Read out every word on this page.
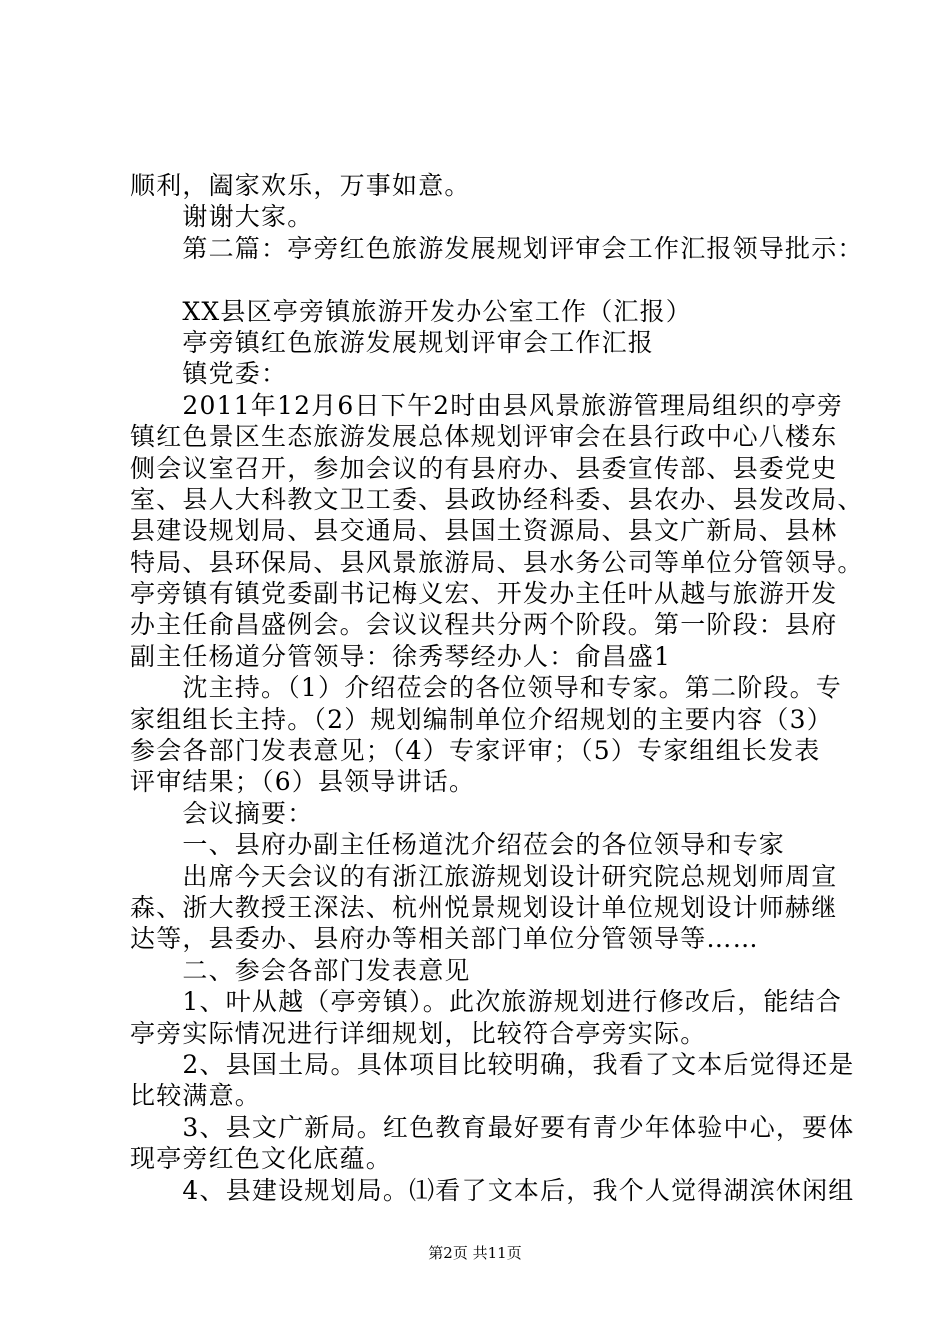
顺利，阖家欢乐，万事如意。
　　谢谢大家。
　　第二篇：亭旁红色旅游发展规划评审会工作汇报领导批示：
　　XX县区亭旁镇旅游开发办公室工作（汇报）
　　亭旁镇红色旅游发展规划评审会工作汇报
　　镇党委：
　　2011年12月6日下午2时由县风景旅游管理局组织的亭旁
镇红色景区生态旅游发展总体规划评审会在县行政中心八楼东
侧会议室召开，参加会议的有县府办、县委宣传部、县委党史
室、县人大科教文卫工委、县政协经科委、县农办、县发改局、
县建设规划局、县交通局、县国土资源局、县文广新局、县林
特局、县环保局、县风景旅游局、县水务公司等单位分管领导。
亭旁镇有镇党委副书记梅义宏、开发办主任叶从越与旅游开发
办主任俞昌盛例会。会议议程共分两个阶段。第一阶段：县府
副主任杨道分管领导：徐秀琴经办人：俞昌盛1
　　沈主持。（1）介绍莅会的各位领导和专家。第二阶段。专
家组组长主持。（2）规划编制单位介绍规划的主要内容（3）
参会各部门发表意见；（4）专家评审；（5）专家组组长发表
评审结果；（6）县领导讲话。
　　会议摘要：
　　一、县府办副主任杨道沈介绍莅会的各位领导和专家
　　出席今天会议的有浙江旅游规划设计研究院总规划师周宣
森、浙大教授王深法、杭州悦景规划设计单位规划设计师赫继
达等，县委办、县府办等相关部门单位分管领导等……
　　二、参会各部门发表意见
　　1、叶从越（亭旁镇）。此次旅游规划进行修改后，能结合
亭旁实际情况进行详细规划，比较符合亭旁实际。
　　2、县国土局。具体项目比较明确，我看了文本后觉得还是
比较满意。
　　3、县文广新局。红色教育最好要有青少年体验中心，要体
现亭旁红色文化底蕴。
　　4、县建设规划局。⑴看了文本后，我个人觉得湖滨休闲组
第2页 共11页
